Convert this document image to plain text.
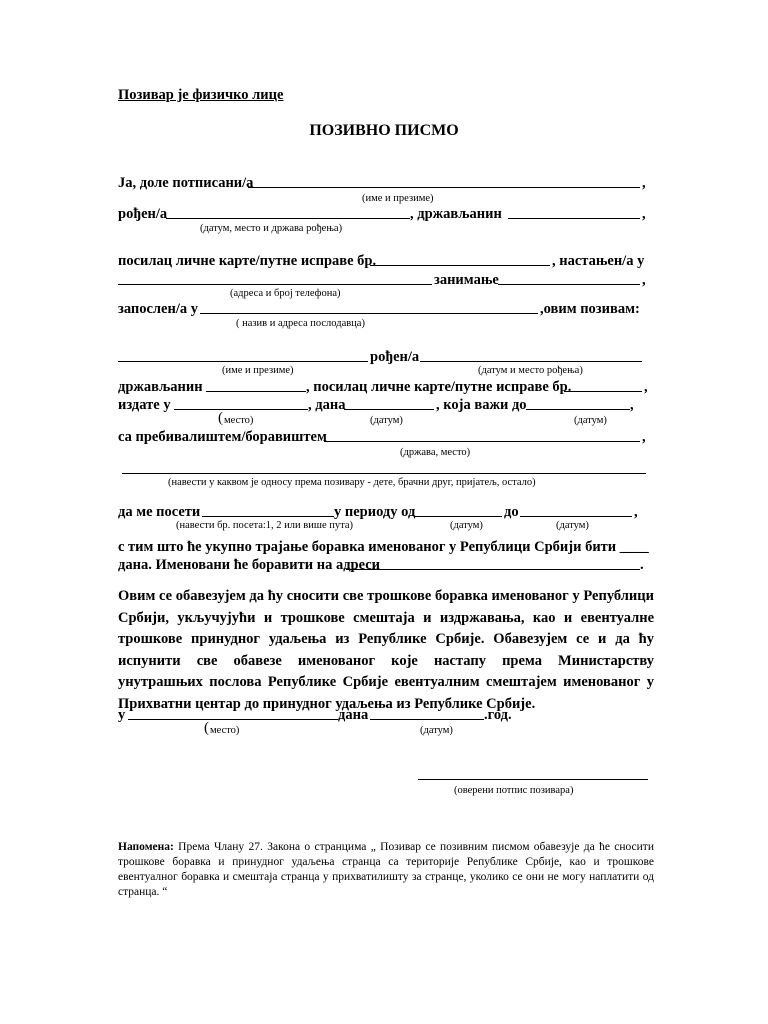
Позивар је физичко лице
ПОЗИВНО ПИСМО
Ја, доле потписани/а	,
(име и презиме)
рођен/а	, држављанин	,
(датум, место и држава рођења)
посилац личне карте/путне исправе бр.	, настањен/а у
занимање	,
(адреса и број телефона)
запослен/а у	,овим позивам:
( назив и адреса послодавца)
рођен/а
(име и презиме)	(датум и место рођења)
држављанин	, посилац личне карте/путне исправе бр.	,
издате у	, дана	, која важи до	,
( место)	(датум)	(датум)
са пребивалиштем/боравиштем	,
(држава, место)
(навести у каквом је односу према позивару - дете, брачни друг, пријатељ, остало)
да ме посети	у периоду од	до	,
(навести бр. посета:1, 2 или више пута)	(датум)	(датум)
с тим што ће укупно трајање боравка именованог у Републици Србији бити ____
дана. Именовани ће боравити на адреси	.
Овим се обавезујем да ћу сносити све трошкове боравка именованог у Републици Србији, укључујући и трошкове смештаја и издржавања, као и евентуалне трошкове принудног удаљења из Републике Србије. Обавезујем се и да ћу испунити све обавезе именованог које настапу према Министарству унутрашњих послова Републике Србије евентуалним смештајем именованог у Прихватни центар до принудног удаљења из Републике Србије.
у	дана	.год.
( место)	(датум)
(оверени потпис позивара)
Напомена: Према Члану 27. Закона о странцима „ Позивар се позивним писмом обавезује да ће сносити трошкове боравка и принудног удаљења странца са територије Републике Србије, као и трошкове евентуалног боравка и смештаја странца у прихватилишту за странце, уколико се они не могу наплатити од странца. “
